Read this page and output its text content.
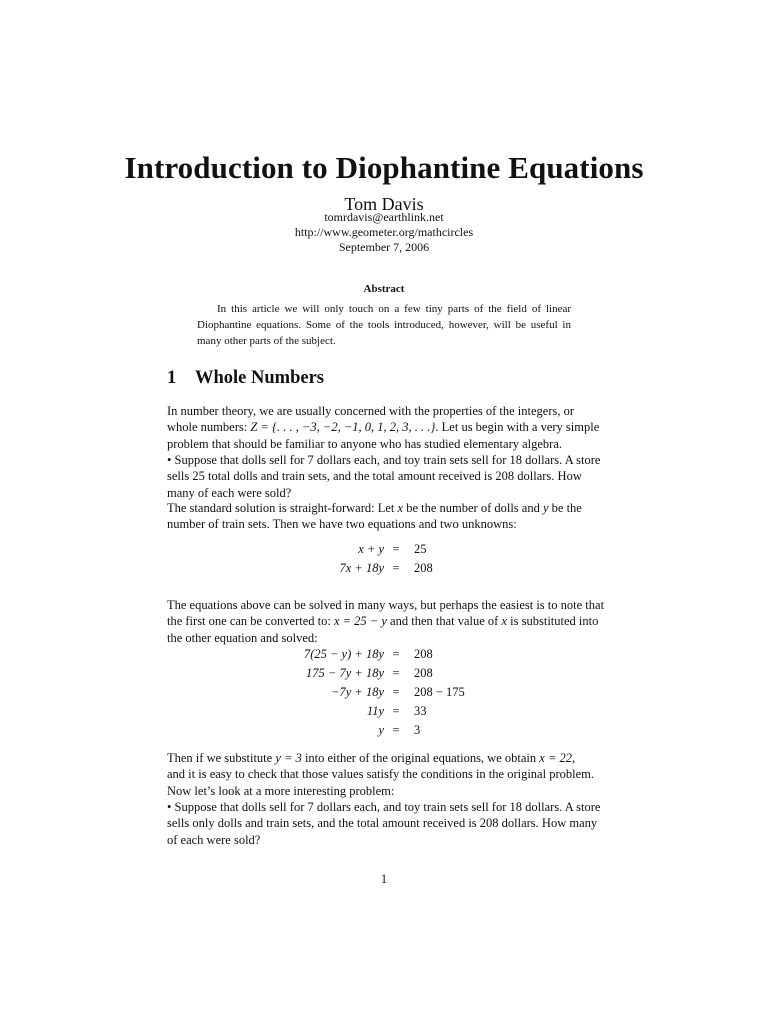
Introduction to Diophantine Equations
Tom Davis
tomrdavis@earthlink.net
http://www.geometer.org/mathcircles
September 7, 2006
Abstract
In this article we will only touch on a few tiny parts of the field of linear Diophantine equations. Some of the tools introduced, however, will be useful in many other parts of the subject.
1 Whole Numbers
In number theory, we are usually concerned with the properties of the integers, or
whole numbers: Z = {. . . , −3, −2, −1, 0, 1, 2, 3, . . .}. Let us begin with a very simple
problem that should be familiar to anyone who has studied elementary algebra.
• Suppose that dolls sell for 7 dollars each, and toy train sets sell for 18 dollars. A store
sells 25 total dolls and train sets, and the total amount received is 208 dollars. How
many of each were sold?
The standard solution is straight-forward: Let x be the number of dolls and y be the
number of train sets. Then we have two equations and two unknowns:
x + y =	25
7x + 18y =	208
The equations above can be solved in many ways, but perhaps the easiest is to note that
the first one can be converted to: x = 25 − y and then that value of x is substituted into
the other equation and solved:
7(25 − y) + 18y =	208
175 − 7y + 18y =	208
−7y + 18y =	208 − 175
11y =	33
y =	3
Then if we substitute y = 3 into either of the original equations, we obtain x = 22,
and it is easy to check that those values satisfy the conditions in the original problem.
Now let’s look at a more interesting problem:
• Suppose that dolls sell for 7 dollars each, and toy train sets sell for 18 dollars. A store
sells only dolls and train sets, and the total amount received is 208 dollars. How many
of each were sold?
1
